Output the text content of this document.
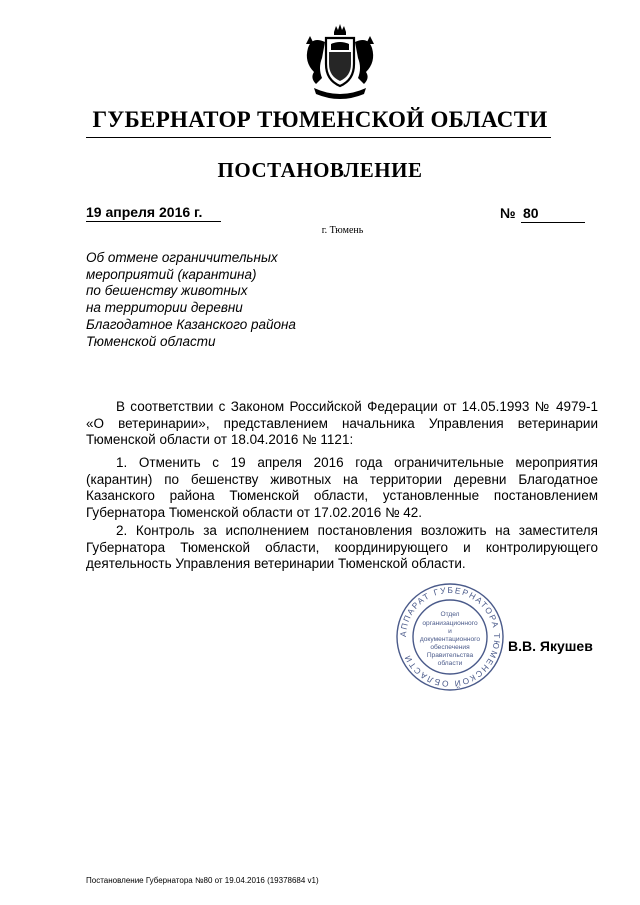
ГУБЕРНАТОР ТЮМЕНСКОЙ ОБЛАСТИ
ПОСТАНОВЛЕНИЕ
19 апреля 2016 г.	№ 80
г. Тюмень
Об отмене ограничительных
мероприятий (карантина)
по бешенству животных
на территории деревни
Благодатное Казанского района
Тюменской области
В соответствии с Законом Российской Федерации от 14.05.1993 № 4979-1 «О ветеринарии», представлением начальника Управления ветеринарии Тюменской области от 18.04.2016 № 1121:
1. Отменить с 19 апреля 2016 года ограничительные мероприятия (карантин) по бешенству животных на территории деревни Благодатное Казанского района Тюменской области, установленные постановлением Губернатора Тюменской области от 17.02.2016 № 42.
2. Контроль за исполнением постановления возложить на заместителя Губернатора Тюменской области, координирующего и контролирующего деятельность Управления ветеринарии Тюменской области.
АППАРАТ ГУБЕРНАТОРА ТЮМЕНСКОЙ ОБЛАСТИ
Отдел
организационного
и
документационного
обеспечения
Правительства
области
В.В. Якушев
Постановление Губернатора №80 от 19.04.2016 (19378684 v1)
